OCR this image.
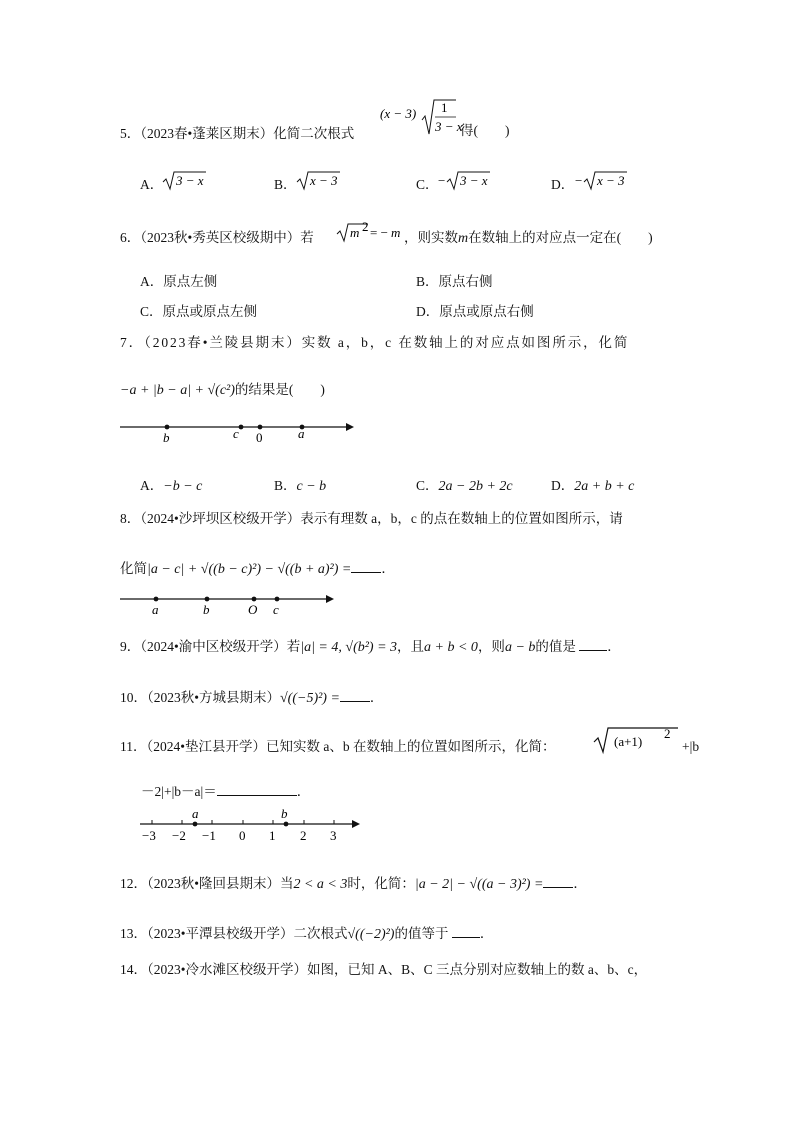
5．（2023春•蓬莱区期末）化简二次根式
(x − 3) 1
3 − x
得(　　)
A． 3 − x	B． x − 3	C． − 3 − x	D． − x − 3
6．（2023秋•秀英区校级期中）若	m 2 = − m ，则实数m在数轴上的对应点一定在(　　)
A．原点左侧	B．原点右侧
C．原点或原点左侧	D．原点或原点右侧
7．（2023春•兰陵县期末）实数 a，b，c 在数轴上的对应点如图所示，化简
−a + |b − a| + √(c²)的结果是(　　)
b	c 0	a
A．−b − c	B．c − b	C．2a − 2b + 2c	D．2a + b + c
8．（2024•沙坪坝区校级开学）表示有理数 a，b，c 的点在数轴上的位置如图所示，请
化简|a − c| + √((b − c)²) − √((b + a)²) = ．
a	b	O c
9．（2024•渝中区校级开学）若|a| = 4, √(b²) = 3，且a + b < 0，则a − b的值是 ．
10．（2023秋•方城县期末）√((−5)²) = ．
11．（2024•垫江县开学）已知实数 a、b 在数轴上的位置如图所示，化简：	(a+1)
2
+|b
－2|+|b－a|＝	．
a	b
−3 −2 −1 0 1 2 3
12．（2023秋•隆回县期末）当2 < a < 3时，化简：|a − 2| − √((a − 3)²) = ．
13．（2023•平潭县校级开学）二次根式√((−2)²)的值等于 ．
14．（2023•冷水滩区校级开学）如图，已知 A、B、C 三点分别对应数轴上的数 a、b、c，
